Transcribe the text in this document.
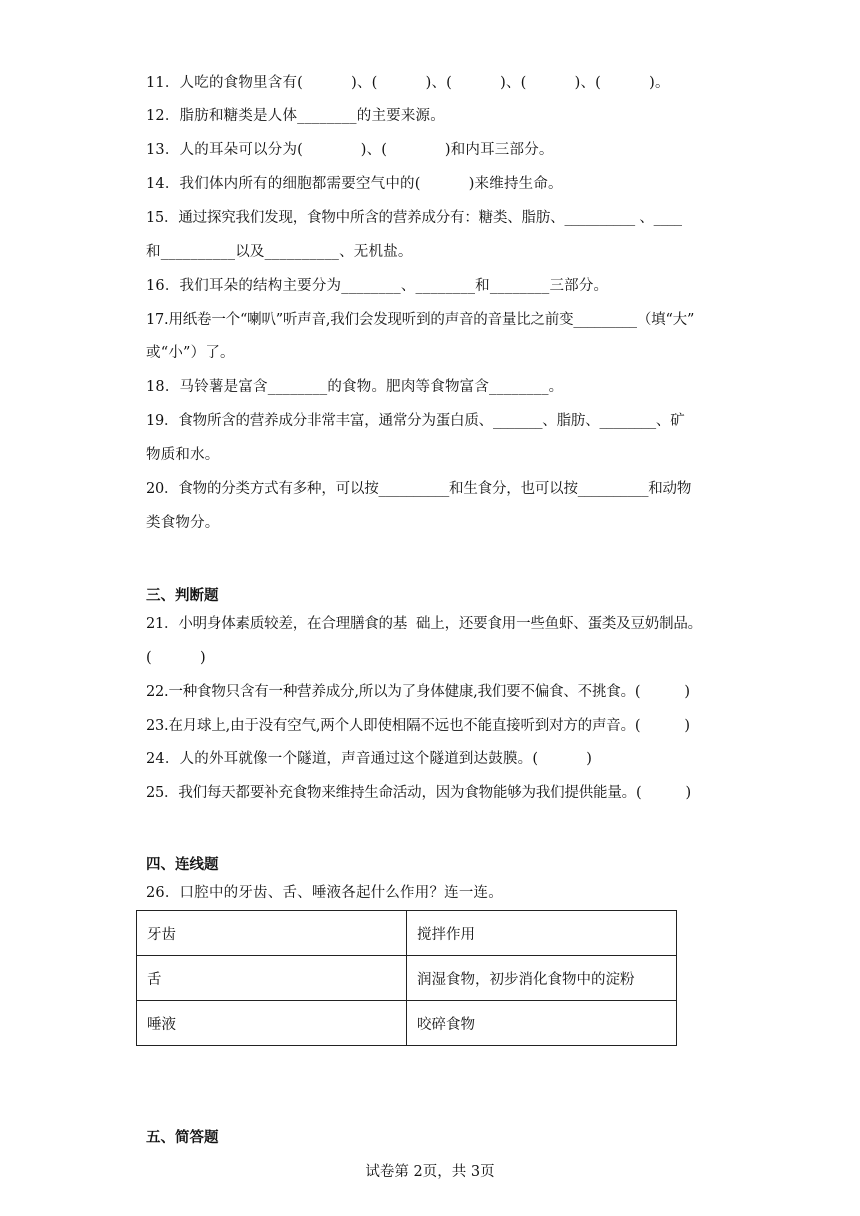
11．人吃的食物里含有(          )、(          )、(          )、(          )、(          )。
12．脂肪和糖类是人体________的主要来源。
13．人的耳朵可以分为(            )、(            )和内耳三部分。
14．我们体内所有的细胞都需要空气中的(          )来维持生命。
15．通过探究我们发现，食物中所含的营养成分有：糖类、脂肪、__________ 、____
和__________以及__________、无机盐。
16．我们耳朵的结构主要分为________、________和________三部分。
17.用纸卷一个“喇叭”听声音,我们会发现听到的声音的音量比之前变_________（填“大”
或“小”）了。
18．马铃薯是富含________的食物。肥肉等食物富含________。
19．食物所含的营养成分非常丰富，通常分为蛋白质、_______、脂肪、________、矿
物质和水。
20．食物的分类方式有多种，可以按__________和生食分，也可以按__________和动物
类食物分。
三、判断题
21．小明身体素质较差，在合理膳食的基  础上，还要食用一些鱼虾、蛋类及豆奶制品。
(          )
22.一种食物只含有一种营养成分,所以为了身体健康,我们要不偏食、不挑食。(          )
23.在月球上,由于没有空气,两个人即使相隔不远也不能直接听到对方的声音。(          )
24．人的外耳就像一个隧道，声音通过这个隧道到达鼓膜。(          )
25．我们每天都要补充食物来维持生命活动，因为食物能够为我们提供能量。(          )
四、连线题
26．口腔中的牙齿、舌、唾液各起什么作用？连一连。
牙齿	搅拌作用
舌	润湿食物，初步消化食物中的淀粉
唾液	咬碎食物
五、简答题
试卷第 2页，共 3页
